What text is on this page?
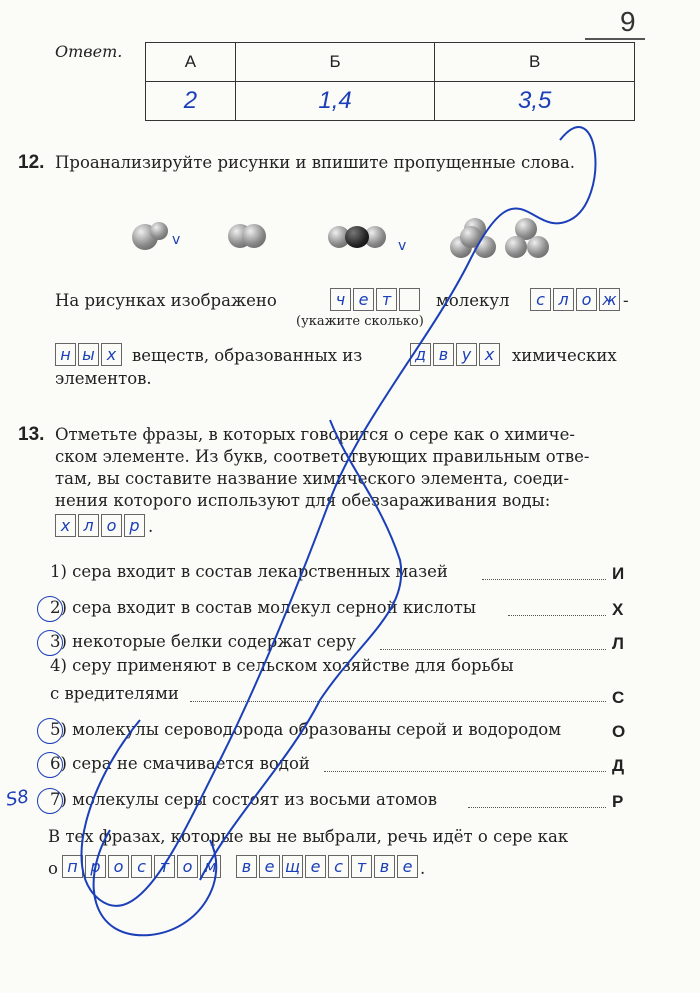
9
Ответ.
А	Б	В
2	1,4	3,5
12. Проанализируйте рисунки и впишите пропущенные слова.
v	v
На рисунках изображено	ч е т	молекул	с л о ж -
(укажите сколько)
н ы х веществ, образованных из	д в у х	химических
элементов.
13. Отметьте фразы, в которых говорится о сере как о химиче-
ском элементе. Из букв, соответствующих правильным отве-
там, вы составите название химического элемента, соеди-
нения которого используют для обеззараживания воды:
х л о р .
1) сера входит в состав лекарственных мазей	И
2) сера входит в состав молекул серной кислоты	Х
3) некоторые белки содержат серу	Л
4) серу применяют в сельском хозяйстве для борьбы
с вредителями	С
5) молекулы сероводорода образованы серой и водородом	О
6) сера не смачивается водой	Д
7) молекулы серы состоят из восьми атомов	Р
S8
В тех фразах, которые вы не выбрали, речь идёт о сере как
о п р о с т о м	в е щ е с т в е .
